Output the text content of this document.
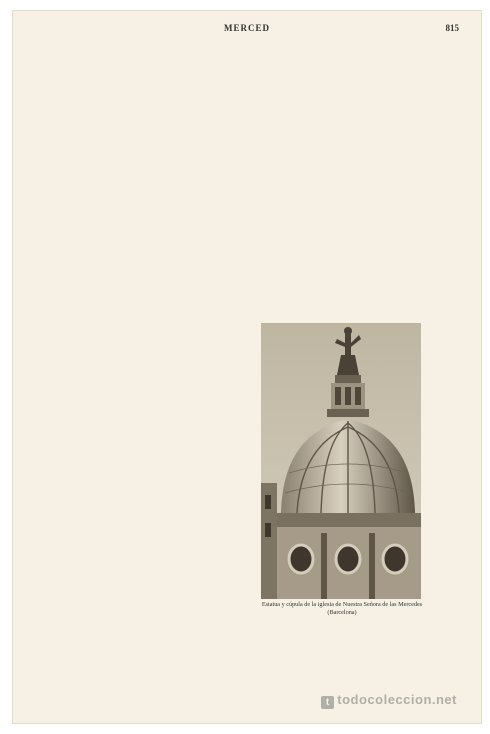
MERCED	815
Estatua y cúpula de la iglesia de Nuestra Señora de las Mercedes (Barcelona)
t todocoleccion.net
